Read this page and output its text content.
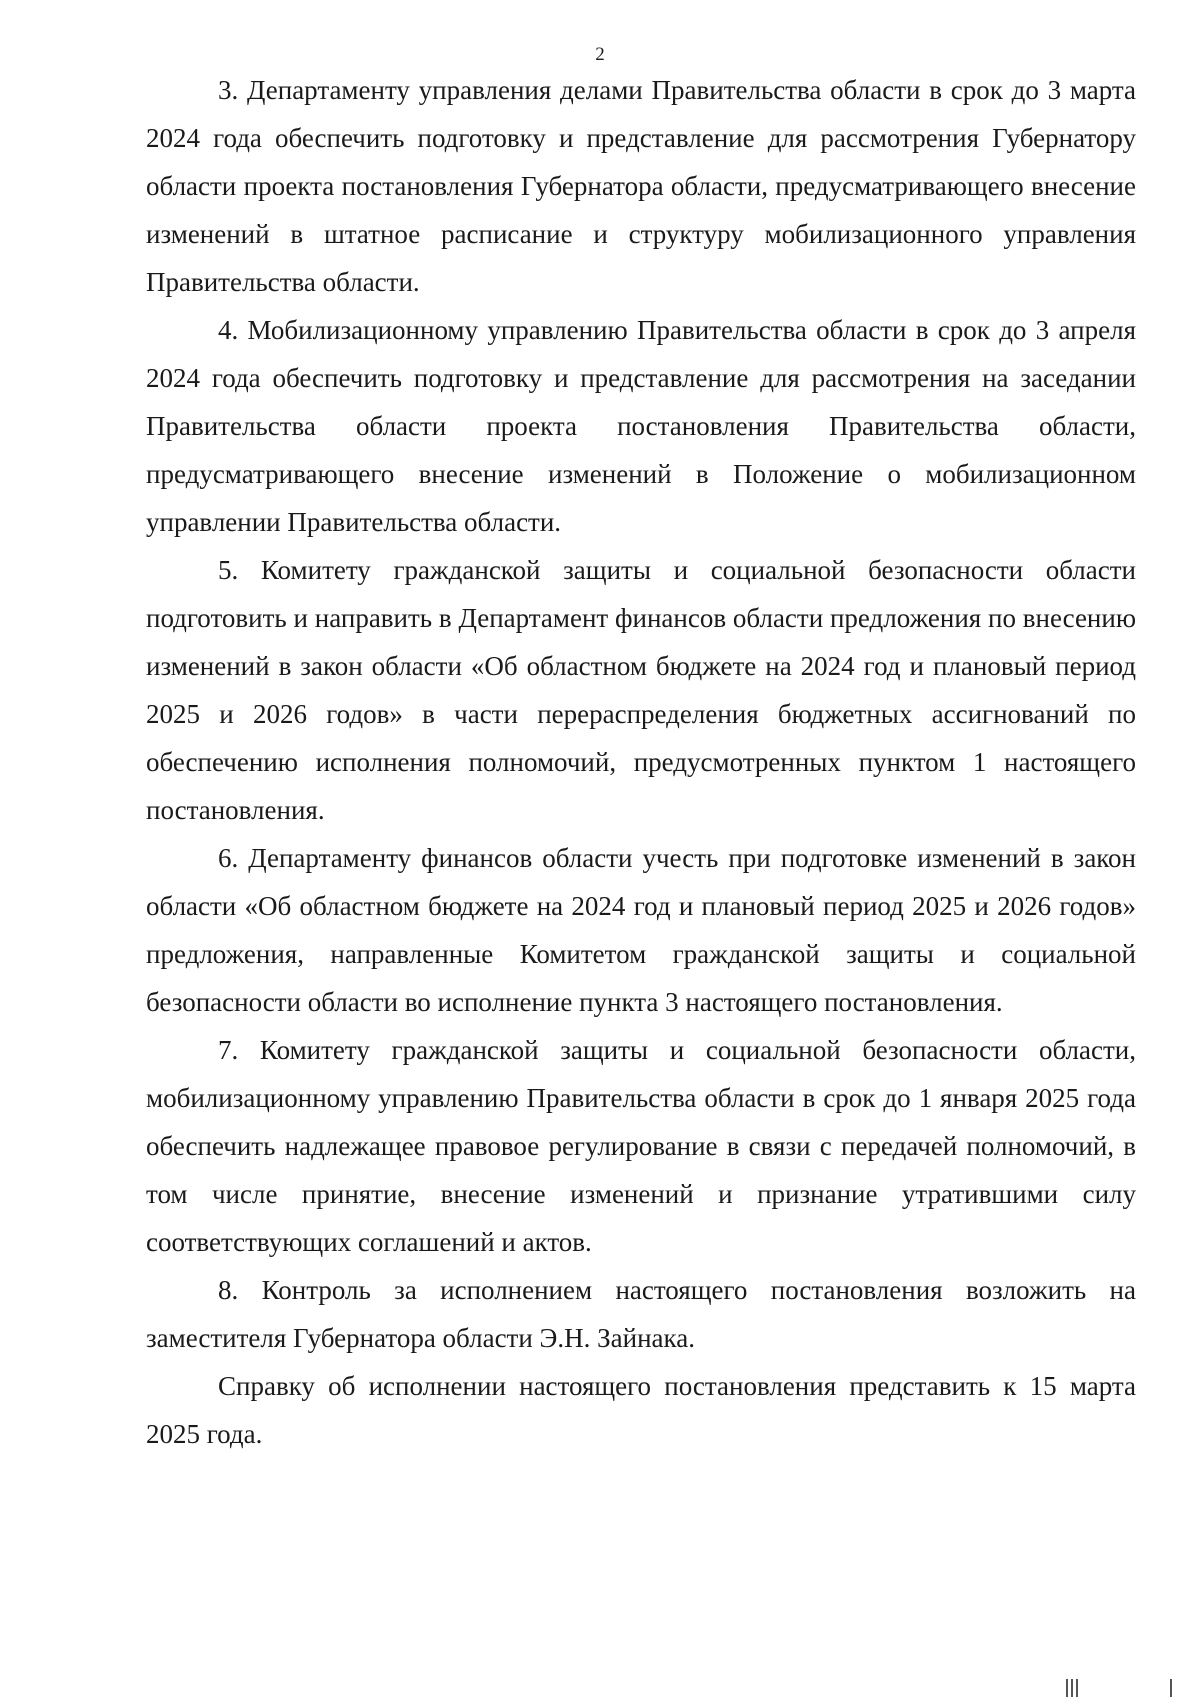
2

3. Департаменту управления делами Правительства области в срок до 3 марта 2024 года обеспечить подготовку и представление для рассмотрения Губернатору области проекта постановления Губернатора области, предусматривающего внесение изменений в штатное расписание и структуру мобилизационного управления Правительства области.

4. Мобилизационному управлению Правительства области в срок до 3 апреля 2024 года обеспечить подготовку и представление для рассмотрения на заседании Правительства области проекта постановления Правительства области, предусматривающего внесение изменений в Положение о мобилизационном управлении Правительства области.

5. Комитету гражданской защиты и социальной безопасности области подготовить и направить в Департамент финансов области предложения по внесению изменений в закон области «Об областном бюджете на 2024 год и плановый период 2025 и 2026 годов» в части перераспределения бюджетных ассигнований по обеспечению исполнения полномочий, предусмотренных пунктом 1 настоящего постановления.

6. Департаменту финансов области учесть при подготовке изменений в закон области «Об областном бюджете на 2024 год и плановый период 2025 и 2026 годов» предложения, направленные Комитетом гражданской защиты и социальной безопасности области во исполнение пункта 3 настоящего постановления.

7. Комитету гражданской защиты и социальной безопасности области, мобилизационному управлению Правительства области в срок до 1 января 2025 года обеспечить надлежащее правовое регулирование в связи с передачей полномочий, в том числе принятие, внесение изменений и признание утратившими силу соответствующих соглашений и актов.

8. Контроль за исполнением настоящего постановления возложить на заместителя Губернатора области Э.Н. Зайнака.

Справку об исполнении настоящего постановления представить к 15 марта 2025 года.
